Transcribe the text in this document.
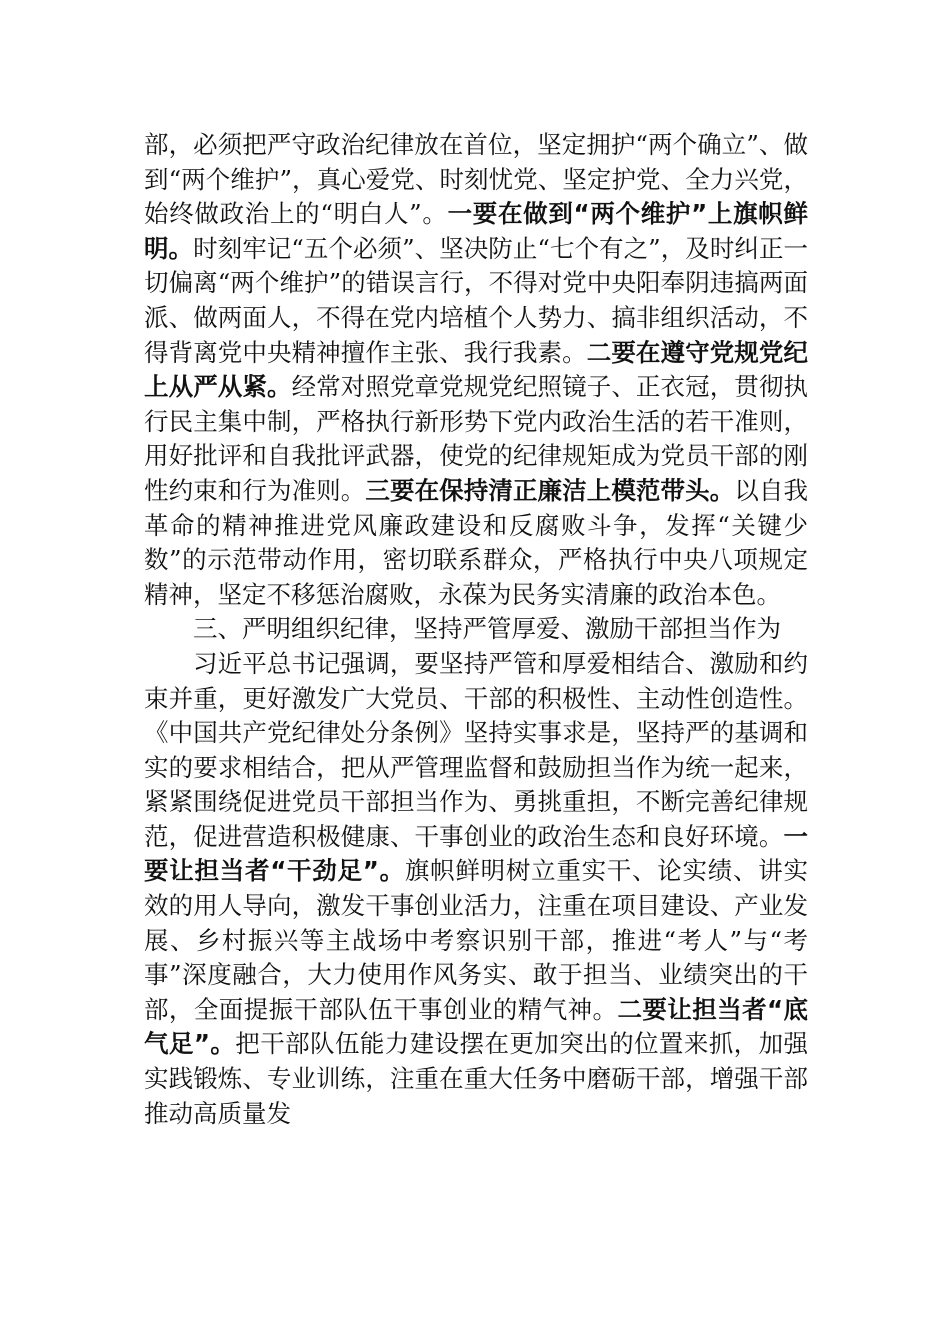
部，必须把严守政治纪律放在首位，坚定拥护“两个确立”、做到“两个维护”，真心爱党、时刻忧党、坚定护党、全力兴党，始终做政治上的“明白人”。一要在做到“两个维护”上旗帜鲜明。时刻牢记“五个必须”、坚决防止“七个有之”，及时纠正一切偏离“两个维护”的错误言行，不得对党中央阳奉阴违搞两面派、做两面人，不得在党内培植个人势力、搞非组织活动，不得背离党中央精神擅作主张、我行我素。二要在遵守党规党纪上从严从紧。经常对照党章党规党纪照镜子、正衣冠，贯彻执行民主集中制，严格执行新形势下党内政治生活的若干准则，用好批评和自我批评武器，使党的纪律规矩成为党员干部的刚性约束和行为准则。三要在保持清正廉洁上模范带头。以自我革命的精神推进党风廉政建设和反腐败斗争，发挥“关键少数”的示范带动作用，密切联系群众，严格执行中央八项规定精神，坚定不移惩治腐败，永葆为民务实清廉的政治本色。

三、严明组织纪律，坚持严管厚爱、激励干部担当作为

习近平总书记强调，要坚持严管和厚爱相结合、激励和约束并重，更好激发广大党员、干部的积极性、主动性创造性。《中国共产党纪律处分条例》坚持实事求是，坚持严的基调和实的要求相结合，把从严管理监督和鼓励担当作为统一起来，紧紧围绕促进党员干部担当作为、勇挑重担，不断完善纪律规范，促进营造积极健康、干事创业的政治生态和良好环境。一要让担当者“干劲足”。旗帜鲜明树立重实干、论实绩、讲实效的用人导向，激发干事创业活力，注重在项目建设、产业发展、乡村振兴等主战场中考察识别干部，推进“考人”与“考事”深度融合，大力使用作风务实、敢于担当、业绩突出的干部，全面提振干部队伍干事创业的精气神。二要让担当者“底气足”。把干部队伍能力建设摆在更加突出的位置来抓，加强实践锻炼、专业训练，注重在重大任务中磨砺干部，增强干部推动高质量发
